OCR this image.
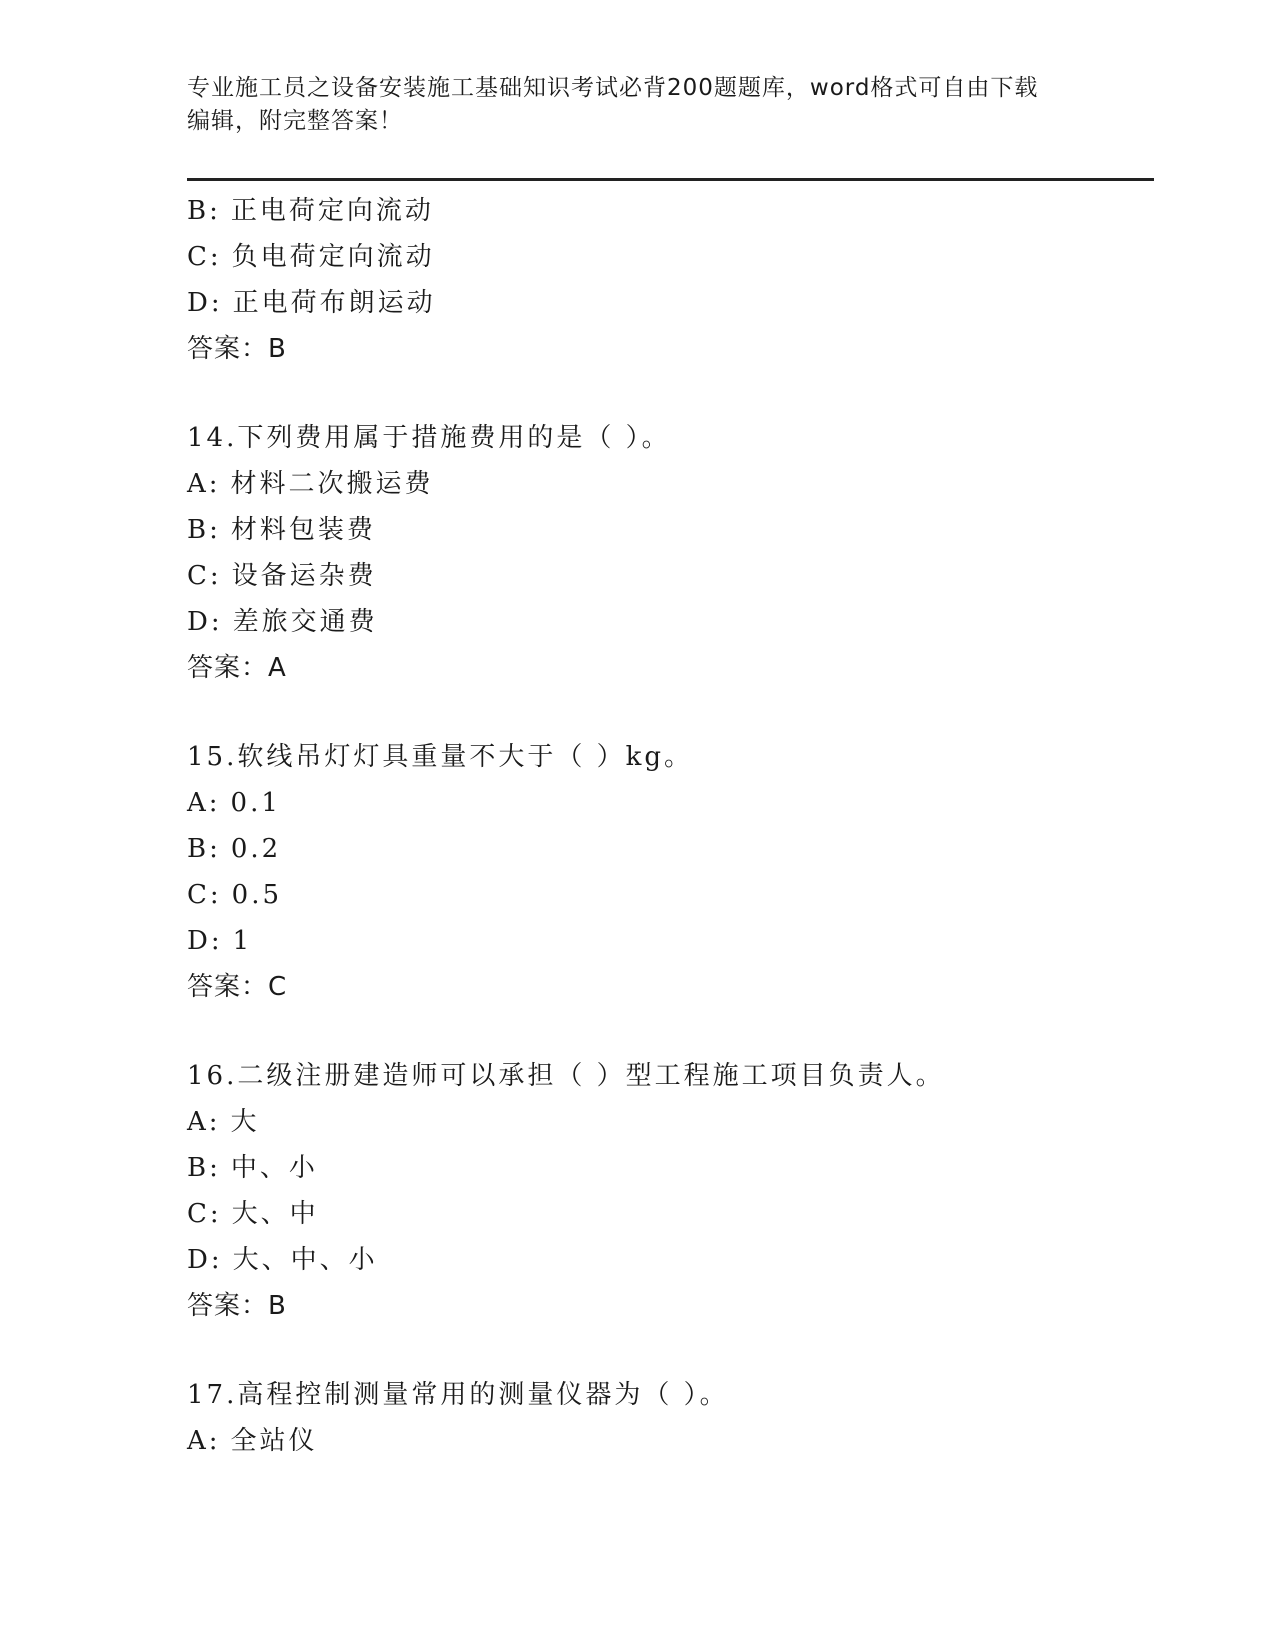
专业施工员之设备安装施工基础知识考试必背200题题库，word格式可自由下载
编辑，附完整答案！
B: 正电荷定向流动
C: 负电荷定向流动
D: 正电荷布朗运动
答案：B
14.下列费用属于措施费用的是（ ）。
A: 材料二次搬运费
B: 材料包装费
C: 设备运杂费
D: 差旅交通费
答案：A
15.软线吊灯灯具重量不大于（ ）kg。
A: 0.1
B: 0.2
C: 0.5
D: 1
答案：C
16.二级注册建造师可以承担（ ）型工程施工项目负责人。
A: 大
B: 中、小
C: 大、中
D: 大、中、小
答案：B
17.高程控制测量常用的测量仪器为（ ）。
A: 全站仪
